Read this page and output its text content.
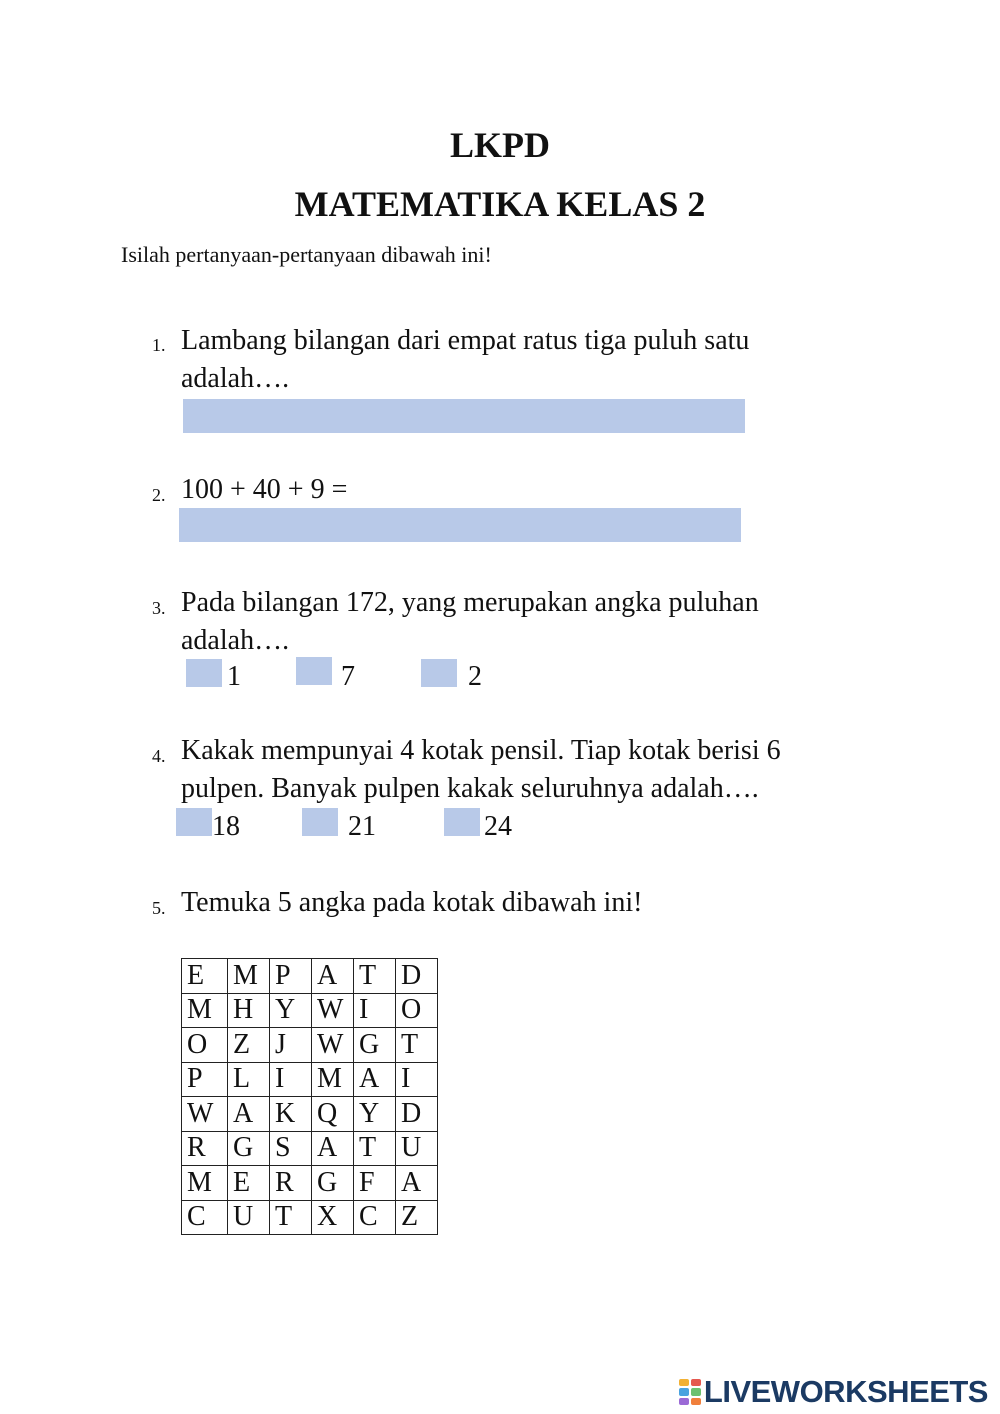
LKPD
MATEMATIKA KELAS 2
Isilah pertanyaan-pertanyaan dibawah ini!
1. Lambang bilangan dari empat ratus tiga puluh satu
adalah….
2. 100 + 40 + 9 =
3. Pada bilangan 172, yang merupakan angka puluhan
adalah….
1	7	2
4. Kakak mempunyai 4 kotak pensil. Tiap kotak berisi 6
pulpen. Banyak pulpen kakak seluruhnya adalah….
18	21	24
5. Temuka 5 angka pada kotak dibawah ini!
E	M	P	A	T	D
M	H	Y	W	I	O
O	Z	J	W	G	T
P	L	I	M	A	I
W	A	K	Q	Y	D
R	G	S	A	T	U
M	E	R	G	F	A
C	U	T	X	C	Z
LIVEWORKSHEETS
